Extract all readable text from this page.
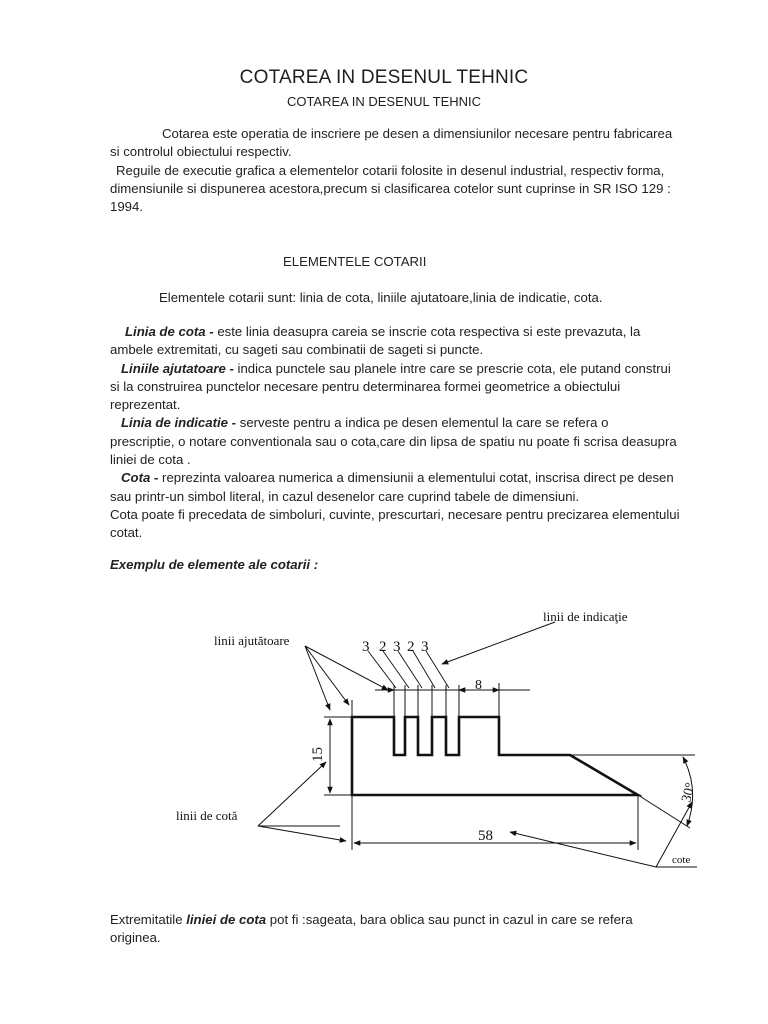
COTAREA IN DESENUL TEHNIC
COTAREA IN DESENUL TEHNIC
Cotarea este operatia de inscriere pe desen a dimensiunilor necesare pentru fabricarea
si controlul obiectului respectiv.
Reguile de executie grafica a elementelor cotarii folosite in desenul industrial, respectiv forma,
dimensiunile si dispunerea acestora,precum si clasificarea cotelor sunt cuprinse in SR ISO 129 :
1994.
ELEMENTELE COTARII
Elementele cotarii sunt: linia de cota, liniile ajutatoare,linia de indicatie, cota.
Linia de cota - este linia deasupra careia se inscrie cota respectiva si este prevazuta, la
ambele extremitati, cu sageti sau combinatii de sageti si puncte.
Liniile ajutatoare - indica punctele sau planele intre care se prescrie cota, ele putand construi
si la construirea punctelor necesare pentru determinarea formei geometrice a obiectului
reprezentat.
Linia de indicatie - serveste pentru a indica pe desen elementul la care se refera o
prescriptie, o notare conventionala sau o cota,care din lipsa de spatiu nu poate fi scrisa deasupra
liniei de cota .
Cota - reprezinta valoarea numerica a dimensiunii a elementului cotat, inscrisa direct pe desen
sau printr-un simbol literal, in cazul desenelor care cuprind tabele de dimensiuni.
Cota poate fi precedata de simboluri, cuvinte, prescurtari, necesare pentru precizarea elementului
cotat.
Exemplu de elemente ale cotarii :
linii de indicaţie
linii ajutătoare
linii de cotă
cote
3 2 3 2 3
8
15
58
30°
Extremitatile liniei de cota pot fi :sageata, bara oblica sau punct in cazul in care se refera
originea.
